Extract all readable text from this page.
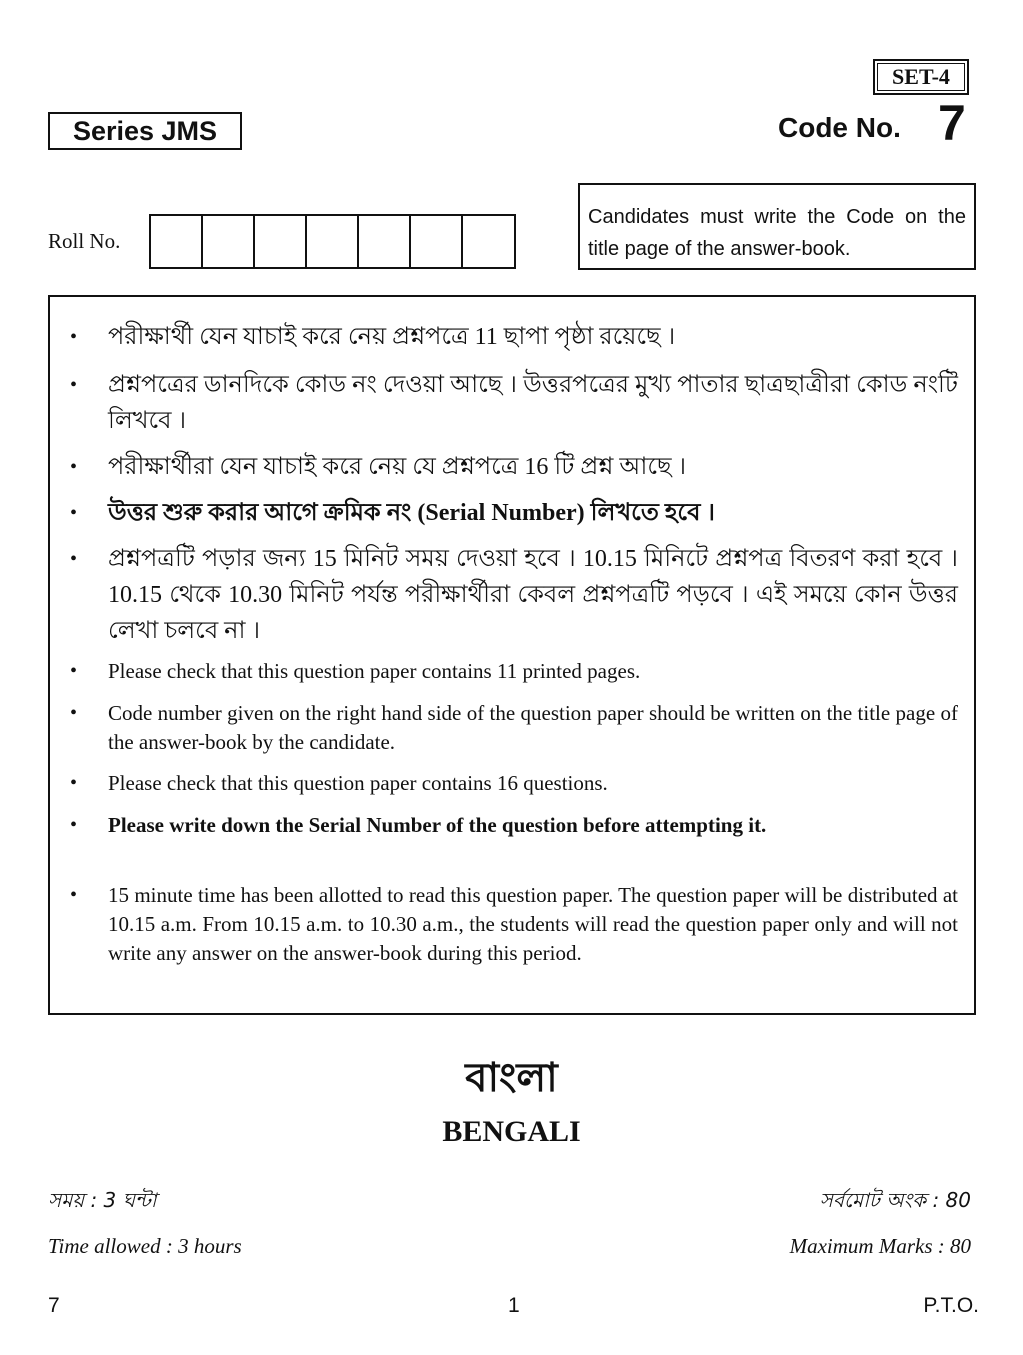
SET-4
Series JMS	Code No. 7
Roll No.
Candidates must write the Code on the title page of the answer-book.
• পরীক্ষার্থী যেন যাচাই করে নেয় প্রশ্নপত্রে 11 ছাপা পৃষ্ঠা রয়েছে ।
• প্রশ্নপত্রের ডানদিকে কোড নং দেওয়া আছে । উত্তরপত্রের মুখ্য পাতার ছাত্রছাত্রীরা কোড নংটি লিখবে ।
• পরীক্ষার্থীরা যেন যাচাই করে নেয় যে প্রশ্নপত্রে 16 টি প্রশ্ন আছে ।
• উত্তর শুরু করার আগে ক্রমিক নং (Serial Number) লিখতে হবে ।
• প্রশ্নপত্রটি পড়ার জন্য 15 মিনিট সময় দেওয়া হবে । 10.15 মিনিটে প্রশ্নপত্র বিতরণ করা হবে । 10.15 থেকে 10.30 মিনিট পর্যন্ত পরীক্ষার্থীরা কেবল প্রশ্নপত্রটি পড়বে । এই সময়ে কোন উত্তর লেখা চলবে না ।
• Please check that this question paper contains 11 printed pages.
• Code number given on the right hand side of the question paper should be written on the title page of the answer-book by the candidate.
• Please check that this question paper contains 16 questions.
• Please write down the Serial Number of the question before attempting it.
• 15 minute time has been allotted to read this question paper. The question paper will be distributed at 10.15 a.m. From 10.15 a.m. to 10.30 a.m., the students will read the question paper only and will not write any answer on the answer-book during this period.
বাংলা
BENGALI
সময় : 3 ঘন্টা	সর্বমোট অংক : 80
Time allowed : 3 hours	Maximum Marks : 80
7	1	P.T.O.
